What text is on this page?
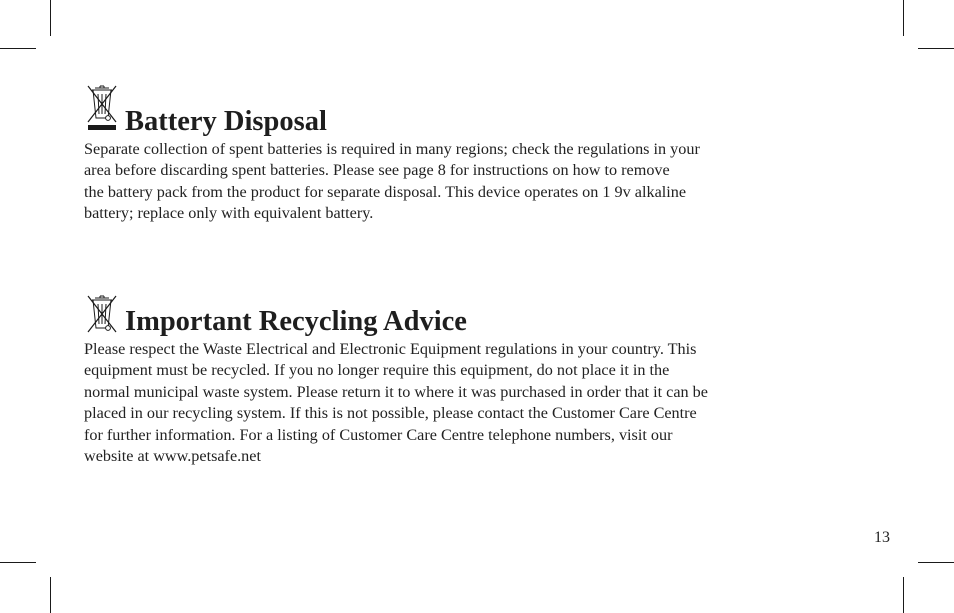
Battery Disposal
Separate collection of spent batteries is required in many regions; check the regulations in your
area before discarding spent batteries. Please see page 8 for instructions on how to remove
the battery pack from the product for separate disposal. This device operates on 1 9v alkaline
battery; replace only with equivalent battery.
Important Recycling Advice
Please respect the Waste Electrical and Electronic Equipment regulations in your country. This
equipment must be recycled. If you no longer require this equipment, do not place it in the
normal municipal waste system. Please return it to where it was purchased in order that it can be
placed in our recycling system. If this is not possible, please contact the Customer Care Centre
for further information. For a listing of Customer Care Centre telephone numbers, visit our
website at www.petsafe.net
13
